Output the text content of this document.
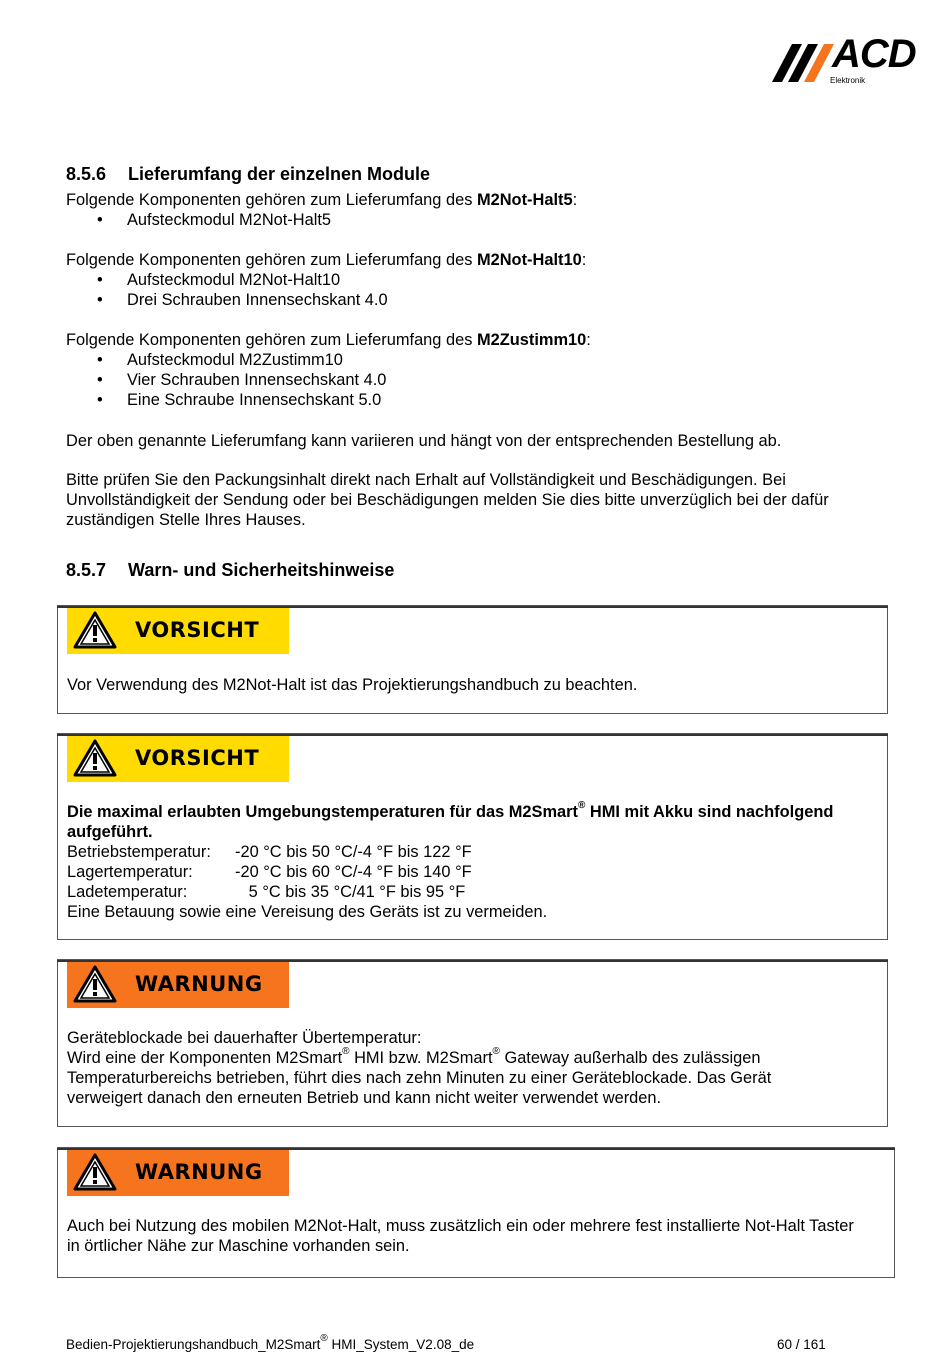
ACD
Elektronik
8.5.6 Lieferumfang der einzelnen Module

Folgende Komponenten gehören zum Lieferumfang des M2Not-Halt5:

• Aufsteckmodul M2Not-Halt5

Folgende Komponenten gehören zum Lieferumfang des M2Not-Halt10:

• Aufsteckmodul M2Not-Halt10
• Drei Schrauben Innensechskant 4.0

Folgende Komponenten gehören zum Lieferumfang des M2Zustimm10:

• Aufsteckmodul M2Zustimm10
• Vier Schrauben Innensechskant 4.0
• Eine Schraube Innensechskant 5.0

Der oben genannte Lieferumfang kann variieren und hängt von der entsprechenden Bestellung ab.

Bitte prüfen Sie den Packungsinhalt direkt nach Erhalt auf Vollständigkeit und Beschädigungen. Bei

Unvollständigkeit der Sendung oder bei Beschädigungen melden Sie dies bitte unverzüglich bei der dafür

zuständigen Stelle Ihres Hauses.

8.5.7 Warn- und Sicherheitshinweise
VORSICHT
Vor Verwendung des M2Not-Halt ist das Projektierungshandbuch zu beachten.
VORSICHT

Die maximal erlaubten Umgebungstemperaturen für das M2Smart® HMI mit Akku sind nachfolgend

aufgeführt.

Betriebstemperatur:	-20 °C bis 50 °C/-4 °F bis 122 °F
Lagertemperatur:	-20 °C bis 60 °C/-4 °F bis 140 °F
Ladetemperatur:	5 °C bis 35 °C/41 °F bis 95 °F

Eine Betauung sowie eine Vereisung des Geräts ist zu vermeiden.

WARNUNG

Geräteblockade bei dauerhafter Übertemperatur:

Wird eine der Komponenten M2Smart® HMI bzw. M2Smart® Gateway außerhalb des zulässigen

Temperaturbereichs betrieben, führt dies nach zehn Minuten zu einer Geräteblockade. Das Gerät

verweigert danach den erneuten Betrieb und kann nicht weiter verwendet werden.

WARNUNG

Auch bei Nutzung des mobilen M2Not-Halt, muss zusätzlich ein oder mehrere fest installierte Not-Halt Taster

in örtlicher Nähe zur Maschine vorhanden sein.

Bedien-Projektierungshandbuch_M2Smart® HMI_System_V2.08_de	60 / 161
